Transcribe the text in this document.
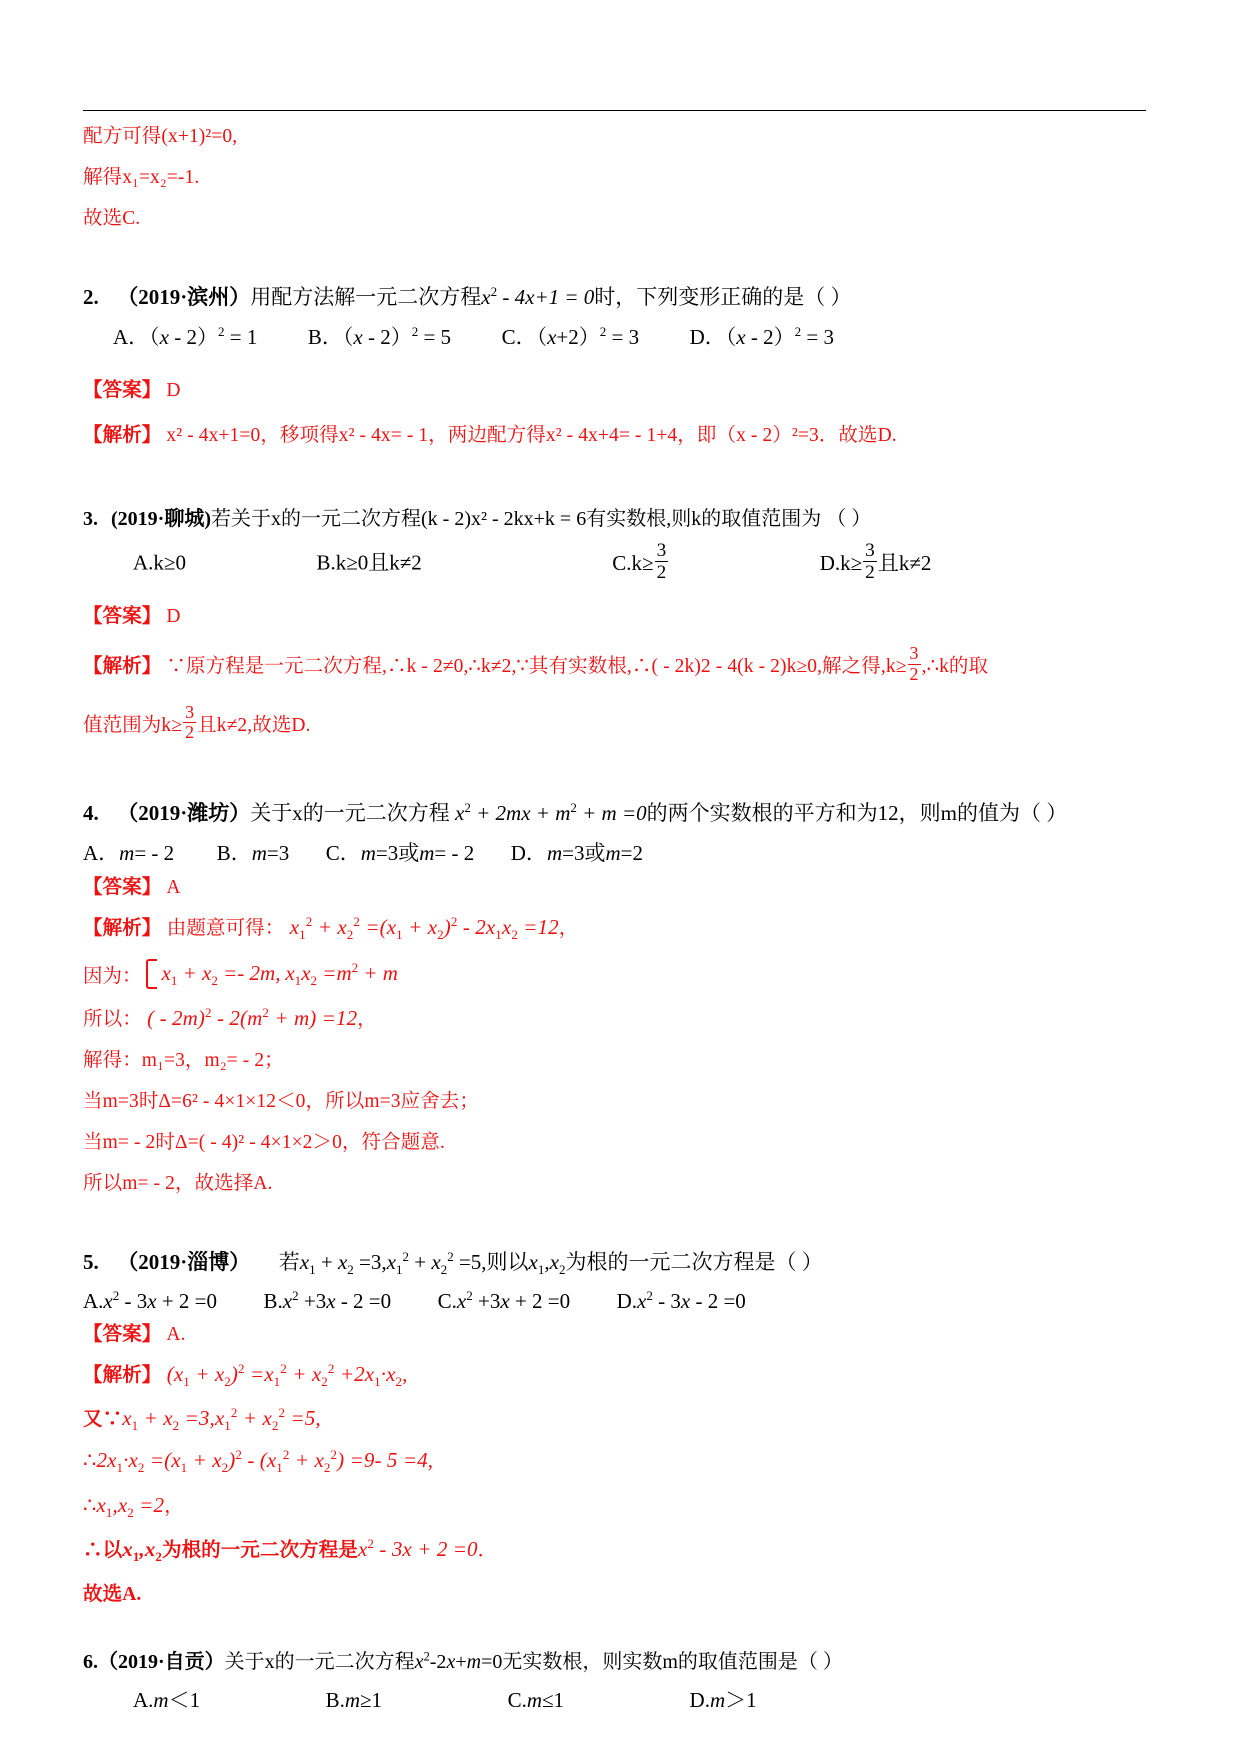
配方可得(x+1)²=0,
解得x₁=x₂=-1.
故选C.
2. （2019·滨州）用配方法解一元二次方程$x^2 - 4x+1 = 0$时，下列变形正确的是（ ）
A．（x - 2）$^2$ = 1 B．（x - 2）$^2$ = 5 C．$(x+2)^2 = 3$ D．（x - 2）$^2$ = 3
【答案】 D
【解析】 x² - 4x+1=0，移项得x² - 4x= - 1，两边配方得x² - 4x+4= - 1+4，即（x - 2）²=3．故选D.
3. (2019·聊城)若关于x的一元二次方程(k - 2)x² - 2kx+k = 6有实数根,则k的取值范围为 （ ）
A.k≥0	B.k≥0且k≠2	$C.k\ge \frac{3}{2}$	$D.k\ge \frac{3}{2}$ 且k≠2
【答案】 D
【解析】 ∵原方程是一元二次方程,∴k - 2≠0,∴k≠2,∵其有实数根,∴( - 2k)2 - 4(k - 2)k≥0,解之得$,k\ge \frac{3}{2}$ ,∴k的取
值范围为$k\ge \frac{3}{2}$ 且k≠2,故选D.
4. （2019·潍坊）关于x的一元二次方程 $x^2 + 2mx + m^2 + m =0$的两个实数根的平方和为12，则m的值为（ ）
A．m= - 2 B．m=3 C．m=3或m= - 2 D．m=3或m=2
【答案】 A
【解析】 由题意可得： $x_1^2 + x_2^2 =(x_1 + x_2)^2 - 2x_1x_2 =12$，
因为： $x_1 + x_2 =- 2m$, $x_1x_2 =m^2 + m$
所以： ( - $2m)^2 - 2(m^2 + m) =12$，
解得：m₁=3，m₂= - 2；
当m=3时Δ=6² - 4×1×12＜0，所以m=3应舍去；
当m= - 2时Δ=( - 4)² - 4×1×2＞0，符合题意.
所以m= - 2，故选择A.
5. （2019·淄博） 若$x_1 + x_2 =3,x_1^2 + x_2^2 =5$,则以$x_1,x_2$为根的一元二次方程是（ ）
$A.x^2 - 3x + 2 =0$ $B.x^2 +3x - 2 =0$ $C.x^2 +3x + 2 =0$ $D.x^2 - 3x - 2 =0$
【答案】 A.
【解析】 $(x_1 + x_2)^2 =x_1^2 + x_2^2 +2x_1\cdot x_2$,
又$\because x_1 + x_2 =3,x_1^2 + x_2^2 =5$,
$\therefore 2x_1\cdot x_2 =(x_1 + x_2)^2 - (x_1^2 + x_2^2) =9-$ 5 =4,
$\therefore x_1,x_2 =2$，
∴以$x_1,x_2$为根的一元二次方程是$x^2 - 3x + 2 =0$．
故选A.
6.（2019·自贡）关于x的一元二次方程$x^2-2x+m=0$无实数根，则实数m的取值范围是（ ）
A.m＜1	B.m≥1	C.m≤1	D.m＞1
